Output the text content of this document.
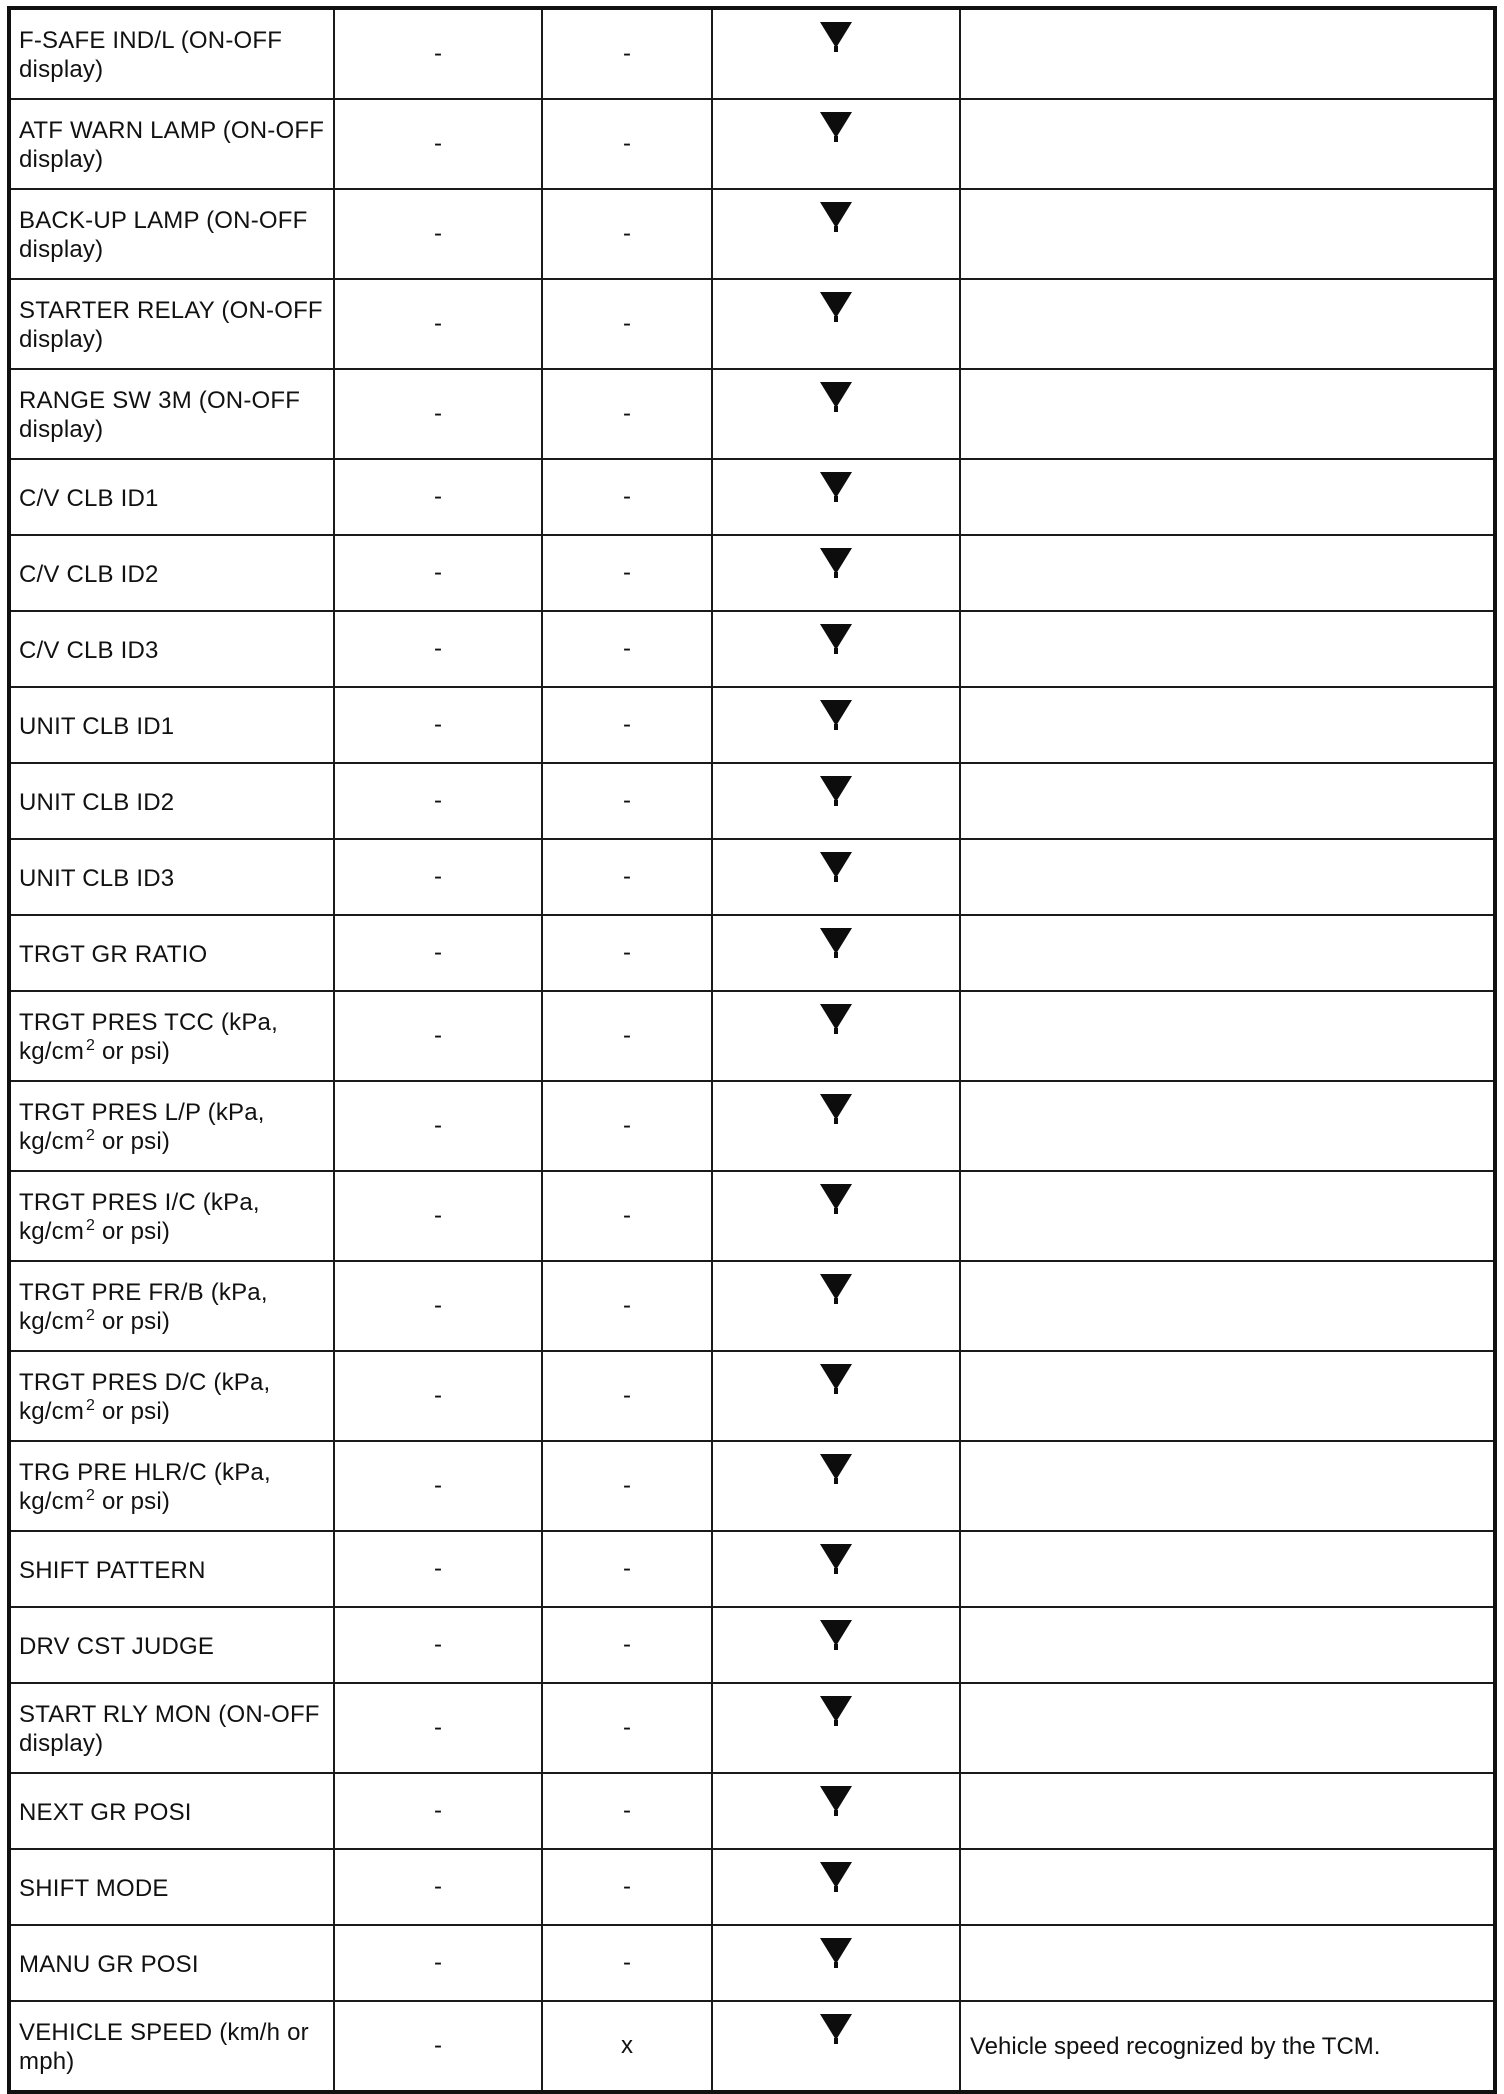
F-SAFE IND/L (ON-OFF display)	-	-		
ATF WARN LAMP (ON-OFF display)	-	-		
BACK-UP LAMP (ON-OFF display)	-	-		
STARTER RELAY (ON-OFF display)	-	-		
RANGE SW 3M (ON-OFF display)	-	-		
C/V CLB ID1	-	-		
C/V CLB ID2	-	-		
C/V CLB ID3	-	-		
UNIT CLB ID1	-	-		
UNIT CLB ID2	-	-		
UNIT CLB ID3	-	-		
TRGT GR RATIO	-	-		
TRGT PRES TCC (kPa,
kg/cm $^2$ or psi)	-	-		
TRGT PRES L/P (kPa,
kg/cm $^2$ or psi)	-	-		
TRGT PRES I/C (kPa,
kg/cm $^2$ or psi)	-	-		
TRGT PRE FR/B (kPa,
kg/cm $^2$ or psi)	-	-		
TRGT PRES D/C (kPa,
kg/cm $^2$ or psi)	-	-		
TRG PRE HLR/C (kPa,
kg/cm $^2$ or psi)	-	-		
SHIFT PATTERN	-	-		
DRV CST JUDGE	-	-		
START RLY MON (ON-OFF display)	-	-		
NEXT GR POSI	-	-		
SHIFT MODE	-	-		
MANU GR POSI	-	-		
VEHICLE SPEED (km/h or mph)	-	x		Vehicle speed recognized by the TCM.
